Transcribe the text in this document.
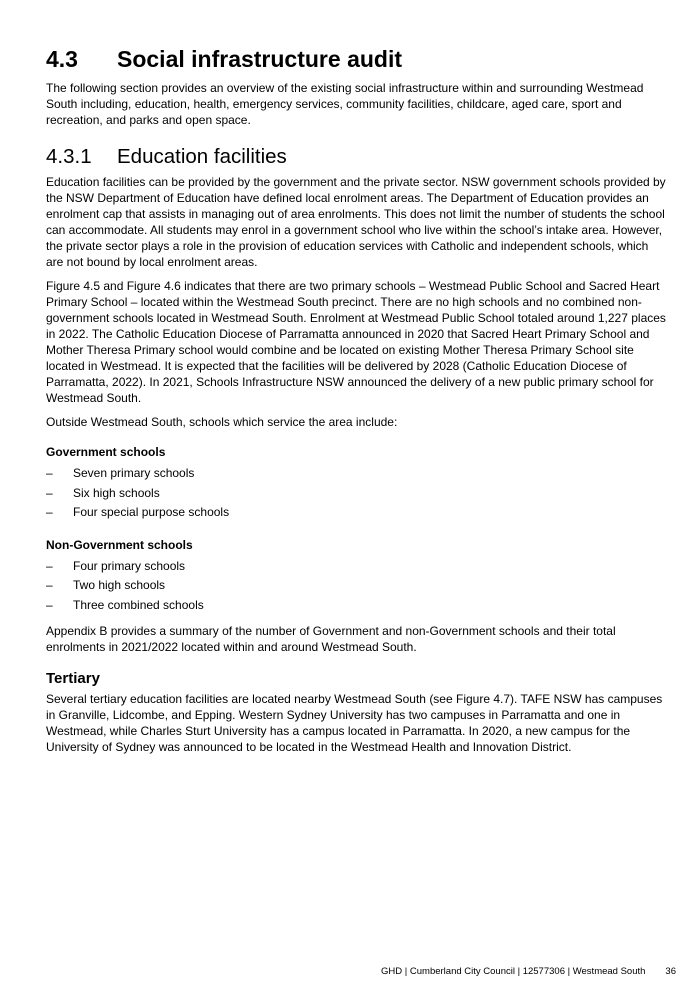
4.3	Social infrastructure audit

The following section provides an overview of the existing social infrastructure within and surrounding Westmead South including, education, health, emergency services, community facilities, childcare, aged care, sport and recreation, and parks and open space.

4.3.1	Education facilities

Education facilities can be provided by the government and the private sector. NSW government schools provided by the NSW Department of Education have defined local enrolment areas. The Department of Education provides an enrolment cap that assists in managing out of area enrolments. This does not limit the number of students the school can accommodate. All students may enrol in a government school who live within the school’s intake area. However, the private sector plays a role in the provision of education services with Catholic and independent schools, which are not bound by local enrolment areas.

Figure 4.5 and Figure 4.6 indicates that there are two primary schools – Westmead Public School and Sacred Heart Primary School – located within the Westmead South precinct. There are no high schools and no combined non-government schools located in Westmead South. Enrolment at Westmead Public School totaled around 1,227 places in 2022. The Catholic Education Diocese of Parramatta announced in 2020 that Sacred Heart Primary School and Mother Theresa Primary school would combine and be located on existing Mother Theresa Primary School site located in Westmead. It is expected that the facilities will be delivered by 2028 (Catholic Education Diocese of Parramatta, 2022). In 2021, Schools Infrastructure NSW announced the delivery of a new public primary school for Westmead South.

Outside Westmead South, schools which service the area include:

Government schools
–	Seven primary schools
–	Six high schools
–	Four special purpose schools
Non-Government schools
–	Four primary schools
–	Two high schools
–	Three combined schools

Appendix B provides a summary of the number of Government and non-Government schools and their total enrolments in 2021/2022 located within and around Westmead South.

Tertiary

Several tertiary education facilities are located nearby Westmead South (see Figure 4.7). TAFE NSW has campuses in Granville, Lidcombe, and Epping. Western Sydney University has two campuses in Parramatta and one in Westmead, while Charles Sturt University has a campus located in Parramatta. In 2020, a new campus for the University of Sydney was announced to be located in the Westmead Health and Innovation District.

GHD | Cumberland City Council | 12577306 | Westmead South 36
